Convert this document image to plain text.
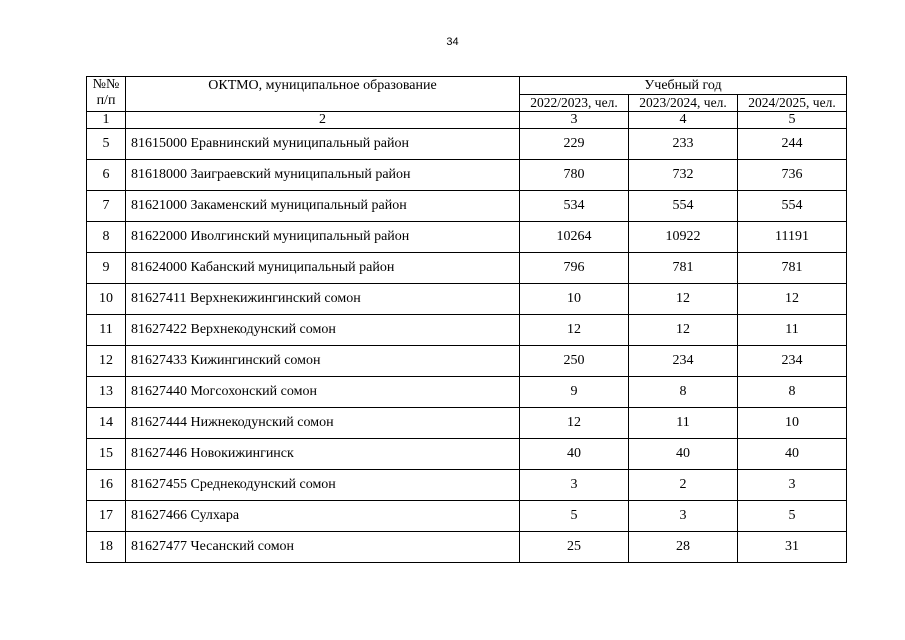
34
№№
п/п	ОКТМО, муниципальное образование	Учебный год		
		2022/2023, чел.	2023/2024, чел.	2024/2025, чел.
1	2	3	4	5
5	81615000 Еравнинский муниципальный район	229	233	244
6	81618000 Заиграевский муниципальный район	780	732	736
7	81621000 Закаменский муниципальный район	534	554	554
8	81622000 Иволгинский муниципальный район	10264	10922	11191
9	81624000 Кабанский муниципальный район	796	781	781
10	81627411 Верхнекижингинский сомон	10	12	12
11	81627422 Верхнекодунский сомон	12	12	11
12	81627433 Кижингинский сомон	250	234	234
13	81627440 Могсохонский сомон	9	8	8
14	81627444 Нижнекодунский сомон	12	11	10
15	81627446 Новокижингинск	40	40	40
16	81627455 Среднекодунский сомон	3	2	3
17	81627466 Сулхара	5	3	5
18	81627477 Чесанский сомон	25	28	31
